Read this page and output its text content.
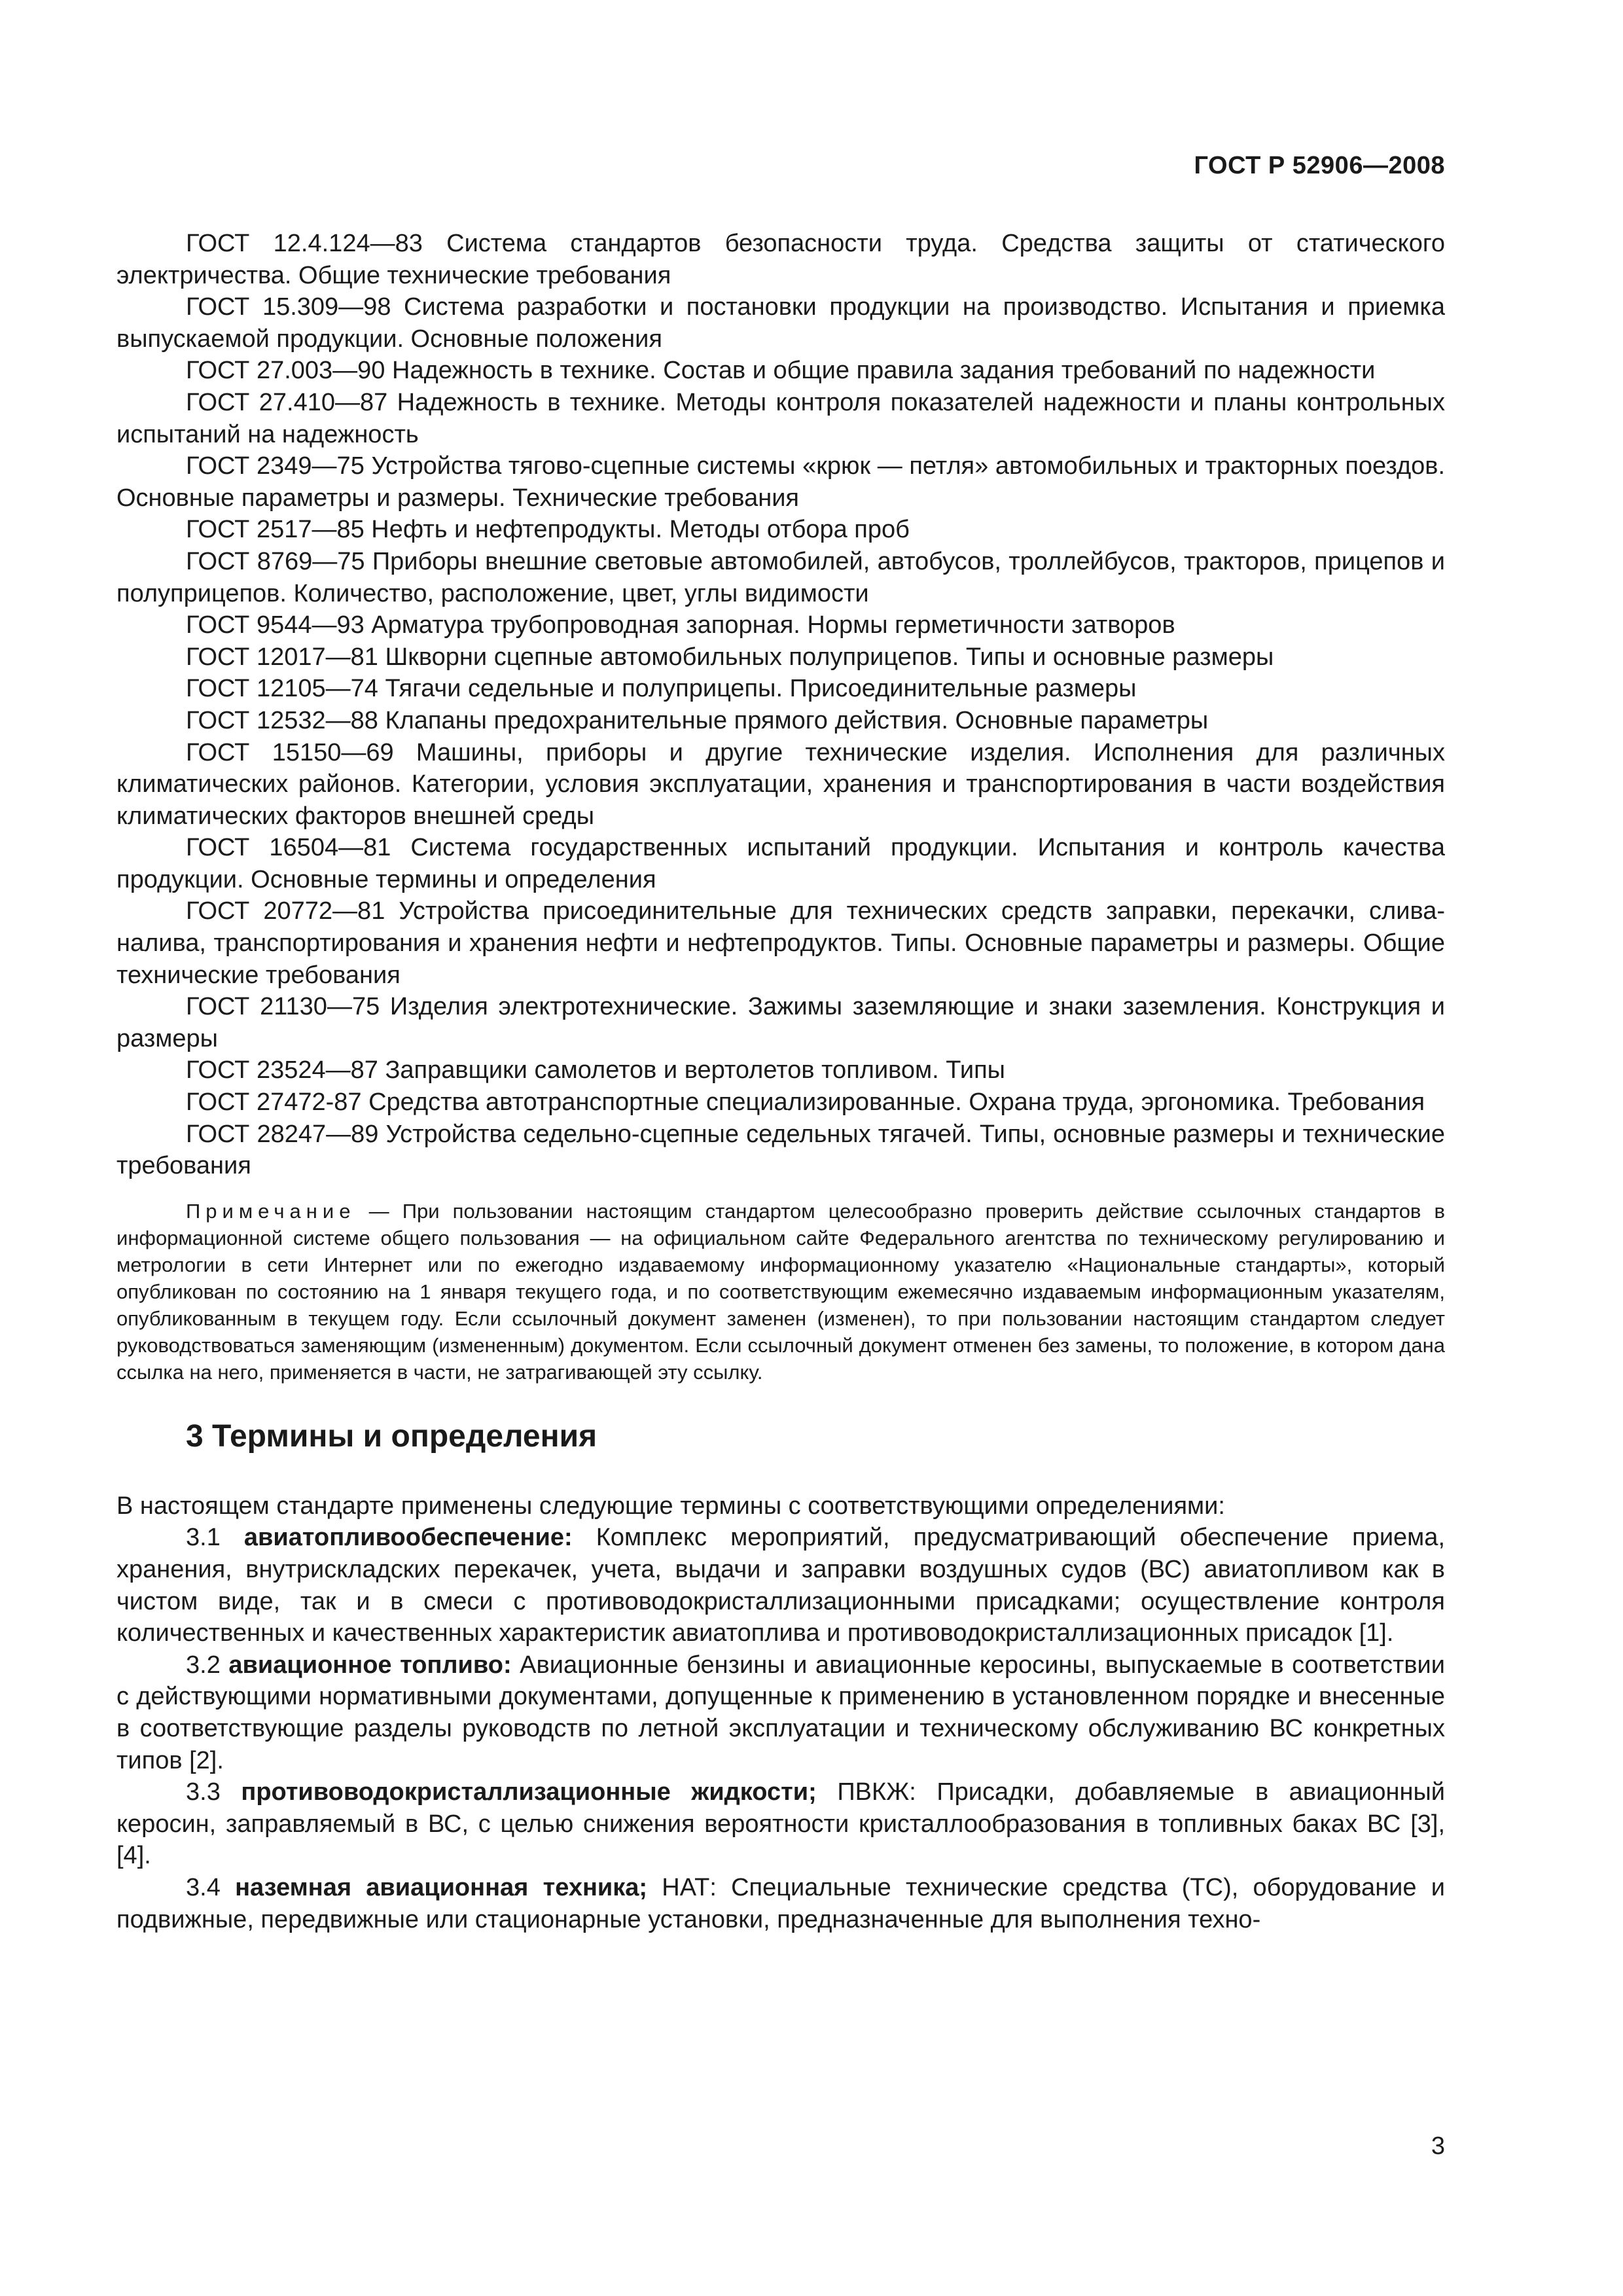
ГОСТ Р 52906—2008

ГОСТ 12.4.124—83 Система стандартов безопасности труда. Средства защиты от статического электричества. Общие технические требования

ГОСТ 15.309—98 Система разработки и постановки продукции на производство. Испытания и приемка выпускаемой продукции. Основные положения

ГОСТ 27.003—90 Надежность в технике. Состав и общие правила задания требований по надежности

ГОСТ 27.410—87 Надежность в технике. Методы контроля показателей надежности и планы контрольных испытаний на надежность

ГОСТ 2349—75 Устройства тягово-сцепные системы «крюк — петля» автомобильных и тракторных поездов. Основные параметры и размеры. Технические требования

ГОСТ 2517—85 Нефть и нефтепродукты. Методы отбора проб

ГОСТ 8769—75 Приборы внешние световые автомобилей, автобусов, троллейбусов, тракторов, прицепов и полуприцепов. Количество, расположение, цвет, углы видимости

ГОСТ 9544—93 Арматура трубопроводная запорная. Нормы герметичности затворов

ГОСТ 12017—81 Шкворни сцепные автомобильных полуприцепов. Типы и основные размеры

ГОСТ 12105—74 Тягачи седельные и полуприцепы. Присоединительные размеры

ГОСТ 12532—88 Клапаны предохранительные прямого действия. Основные параметры

ГОСТ 15150—69 Машины, приборы и другие технические изделия. Исполнения для различных климатических районов. Категории, условия эксплуатации, хранения и транспортирования в части воздействия климатических факторов внешней среды

ГОСТ 16504—81 Система государственных испытаний продукции. Испытания и контроль качества продукции. Основные термины и определения

ГОСТ 20772—81 Устройства присоединительные для технических средств заправки, перекачки, слива-налива, транспортирования и хранения нефти и нефтепродуктов. Типы. Основные параметры и размеры. Общие технические требования

ГОСТ 21130—75 Изделия электротехнические. Зажимы заземляющие и знаки заземления. Конструкция и размеры

ГОСТ 23524—87 Заправщики самолетов и вертолетов топливом. Типы

ГОСТ 27472-87 Средства автотранспортные специализированные. Охрана труда, эргономика. Требования

ГОСТ 28247—89 Устройства седельно-сцепные седельных тягачей. Типы, основные размеры и технические требования

Примечание — При пользовании настоящим стандартом целесообразно проверить действие ссылочных стандартов в информационной системе общего пользования — на официальном сайте Федерального агентства по техническому регулированию и метрологии в сети Интернет или по ежегодно издаваемому информационному указателю «Национальные стандарты», который опубликован по состоянию на 1 января текущего года, и по соответствующим ежемесячно издаваемым информационным указателям, опубликованным в текущем году. Если ссылочный документ заменен (изменен), то при пользовании настоящим стандартом следует руководствоваться заменяющим (измененным) документом. Если ссылочный документ отменен без замены, то положение, в котором дана ссылка на него, применяется в части, не затрагивающей эту ссылку.

3 Термины и определения

В настоящем стандарте применены следующие термины с соответствующими определениями:

3.1 авиатопливообеспечение: Комплекс мероприятий, предусматривающий обеспечение приема, хранения, внутрискладских перекачек, учета, выдачи и заправки воздушных судов (ВС) авиатопливом как в чистом виде, так и в смеси с противоводокристаллизационными присадками; осуществление контроля количественных и качественных характеристик авиатоплива и противоводокристаллизационных присадок [1].

3.2 авиационное топливо: Авиационные бензины и авиационные керосины, выпускаемые в соответствии с действующими нормативными документами, допущенные к применению в установленном порядке и внесенные в соответствующие разделы руководств по летной эксплуатации и техническому обслуживанию ВС конкретных типов [2].

3.3 противоводокристаллизационные жидкости; ПВКЖ: Присадки, добавляемые в авиационный керосин, заправляемый в ВС, с целью снижения вероятности кристаллообразования в топливных баках ВС [3], [4].

3.4 наземная авиационная техника; НАТ: Специальные технические средства (ТС), оборудование и подвижные, передвижные или стационарные установки, предназначенные для выполнения техно-

3
